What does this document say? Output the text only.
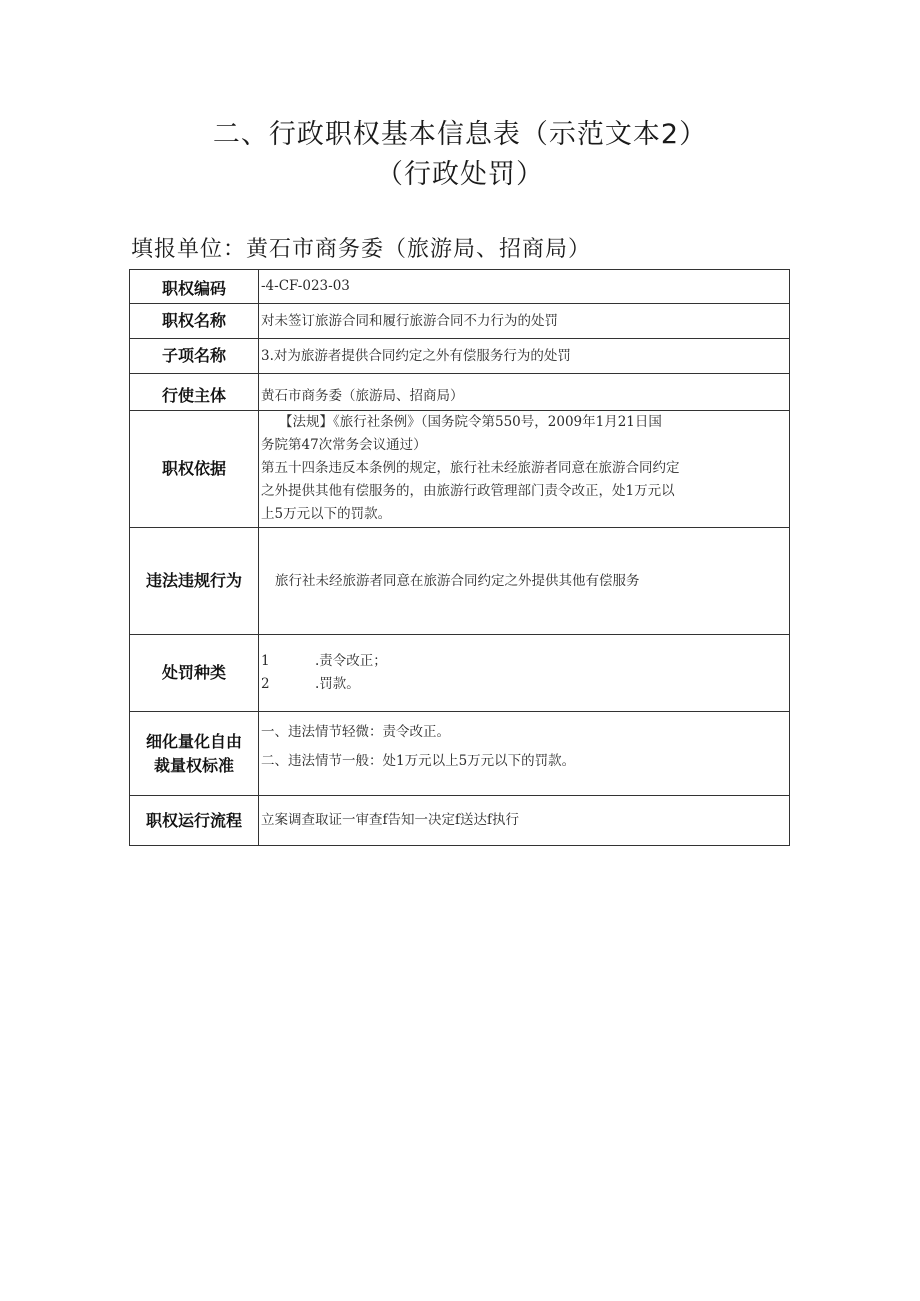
二、行政职权基本信息表（示范文本2）
（行政处罚）
填报单位：黄石市商务委（旅游局、招商局）
职权编码	-4-CF-023-03
职权名称	对未签订旅游合同和履行旅游合同不力行为的处罚
子项名称	3.对为旅游者提供合同约定之外有偿服务行为的处罚
行使主体	黄石市商务委（旅游局、招商局）
职权依据	【法规】《旅行社条例》（国务院令第550号，2009年1月21日国
务院第47次常务会议通过）
第五十四条违反本条例的规定，旅行社未经旅游者同意在旅游合同约定
之外提供其他有偿服务的，由旅游行政管理部门责令改正，处1万元以
上5万元以下的罚款。

违法违规行为	旅行社未经旅游者同意在旅游合同约定之外提供其他有偿服务
处罚种类	1 .责令改正；
2 .罚款。

细化量化自由
裁量权标准	一、违法情节轻微：责令改正。
二、违法情节一般：处1万元以上5万元以下的罚款。

职权运行流程	立案调查取证一审查f告知一决定f送达f执行
